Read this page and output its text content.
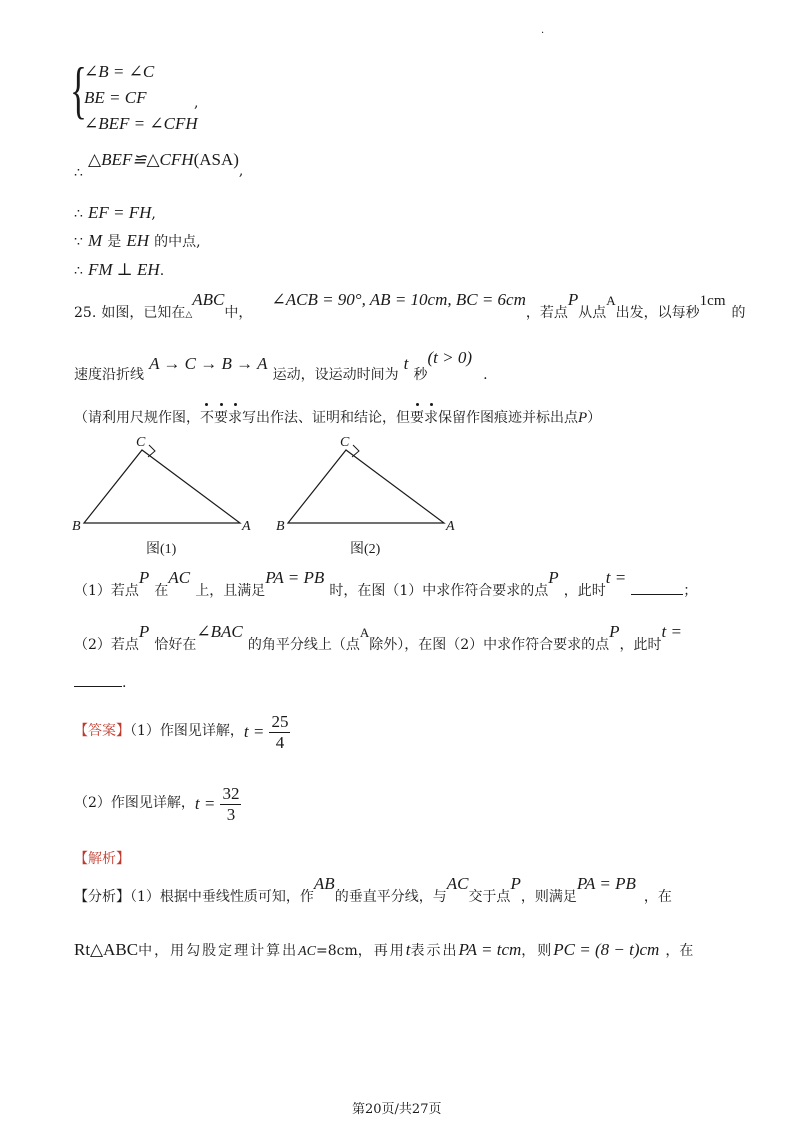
·
{
∠B = ∠C
BE = CF
∠BEF = ∠CFH
,
∴ △BEF≌△CFH(ASA),
∴ EF = FH,
∵ M 是 EH 的中点,
∴ FM ⊥ EH.
25. 如图，已知在$_\triangle$ABC中， ∠ACB = 90°, AB = 10cm, BC = 6cm，若点P从点A出发，以每秒1cm的
速度沿折线 A → C → B → A 运动，设运动时间为 t 秒(t > 0) .
（请利用尺规作图，不要求
写出作法、证明和结论，但要求
保留作图痕迹并标出点P）
C
B	A
图(1)
C
B	A
图(2)
（1）若点P 在AC 上，且满足PA = PB 时，在图（1）中求作符合要求的点P ，此时t = ；
（2）若点P 恰好在∠BAC 的角平分线上（点A除外），在图（2）中求作符合要求的点P，此时t =
.
【答案】（1）作图见详解，$t = \frac{25}{4}$
（2）作图见详解，$t = \frac{32}{3}$
【解析】
【分析】（1）根据中垂线性质可知，作AB的垂直平分线，与AC交于点P，则满足PA = PB，在
Rt△ABC中，用勾股定理计算出AC=8cm，再用t表示出PA = tcm，则PC = (8 − t)cm ，在
第20页/共27页
